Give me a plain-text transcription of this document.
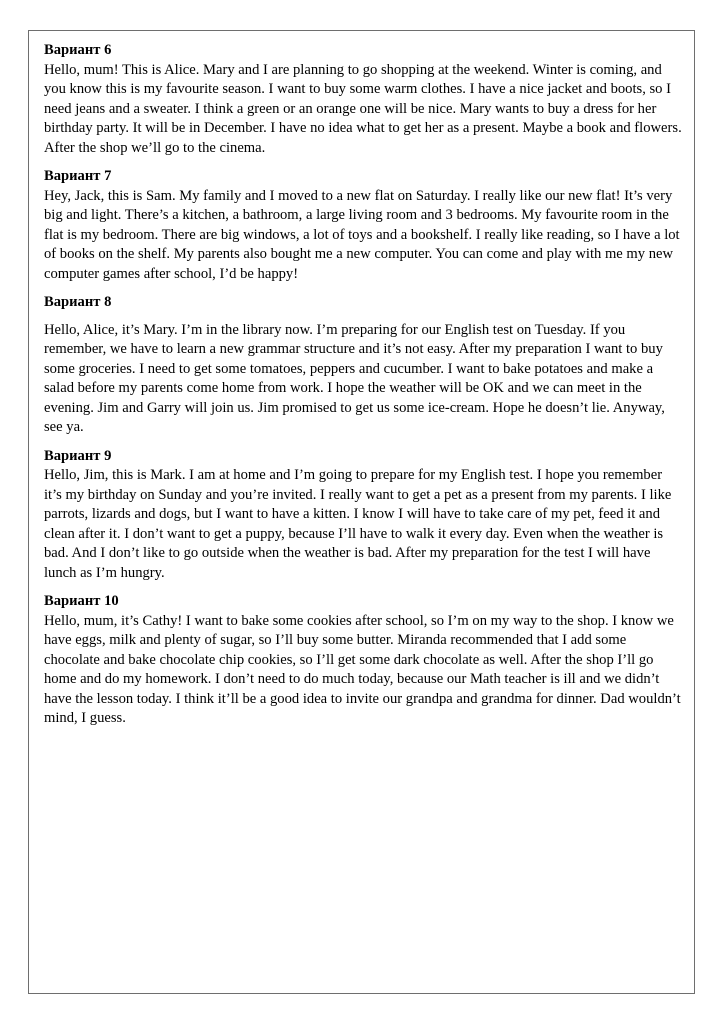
Вариант 6

Hello, mum! This is Alice. Mary and I are planning to go shopping at the weekend. Winter is coming, and you know this is my favourite season. I want to buy some warm clothes. I have a nice jacket and boots, so I need jeans and a sweater. I think a green or an orange one will be nice. Mary wants to buy a dress for her birthday party. It will be in December. I have no idea what to get her as a present. Maybe a book and flowers. After the shop we’ll go to the cinema.

Вариант 7

Hey, Jack, this is Sam. My family and I moved to a new flat on Saturday. I really like our new flat! It’s very big and light. There’s a kitchen, a bathroom, a large living room and 3 bedrooms. My favourite room in the flat is my bedroom. There are big windows, a lot of toys and a bookshelf. I really like reading, so I have a lot of books on the shelf. My parents also bought me a new computer. You can come and play with me my new computer games after school, I’d be happy!

Вариант 8

Hello, Alice, it’s Mary. I’m in the library now. I’m preparing for our English test on Tuesday. If you remember, we have to learn a new grammar structure and it’s not easy. After my preparation I want to buy some groceries. I need to get some tomatoes, peppers and cucumber. I want to bake potatoes and make a salad before my parents come home from work. I hope the weather will be OK and we can meet in the evening. Jim and Garry will join us. Jim promised to get us some ice-cream. Hope he doesn’t lie. Anyway, see ya.

Вариант 9

Hello, Jim, this is Mark. I am at home and I’m going to prepare for my English test. I hope you remember it’s my birthday on Sunday and you’re invited. I really want to get a pet as a present from my parents. I like parrots, lizards and dogs, but I want to have a kitten. I know I will have to take care of my pet, feed it and clean after it. I don’t want to get a puppy, because I’ll have to walk it every day. Even when the weather is bad. And I don’t like to go outside when the weather is bad. After my preparation for the test I will have lunch as I’m hungry.

Вариант 10

Hello, mum, it’s Cathy! I want to bake some cookies after school, so I’m on my way to the shop. I know we have eggs, milk and plenty of sugar, so I’ll buy some butter. Miranda recommended that I add some chocolate and bake chocolate chip cookies, so I’ll get some dark chocolate as well. After the shop I’ll go home and do my homework. I don’t need to do much today, because our Math teacher is ill and we didn’t have the lesson today. I think it’ll be a good idea to invite our grandpa and grandma for dinner. Dad wouldn’t mind, I guess.
